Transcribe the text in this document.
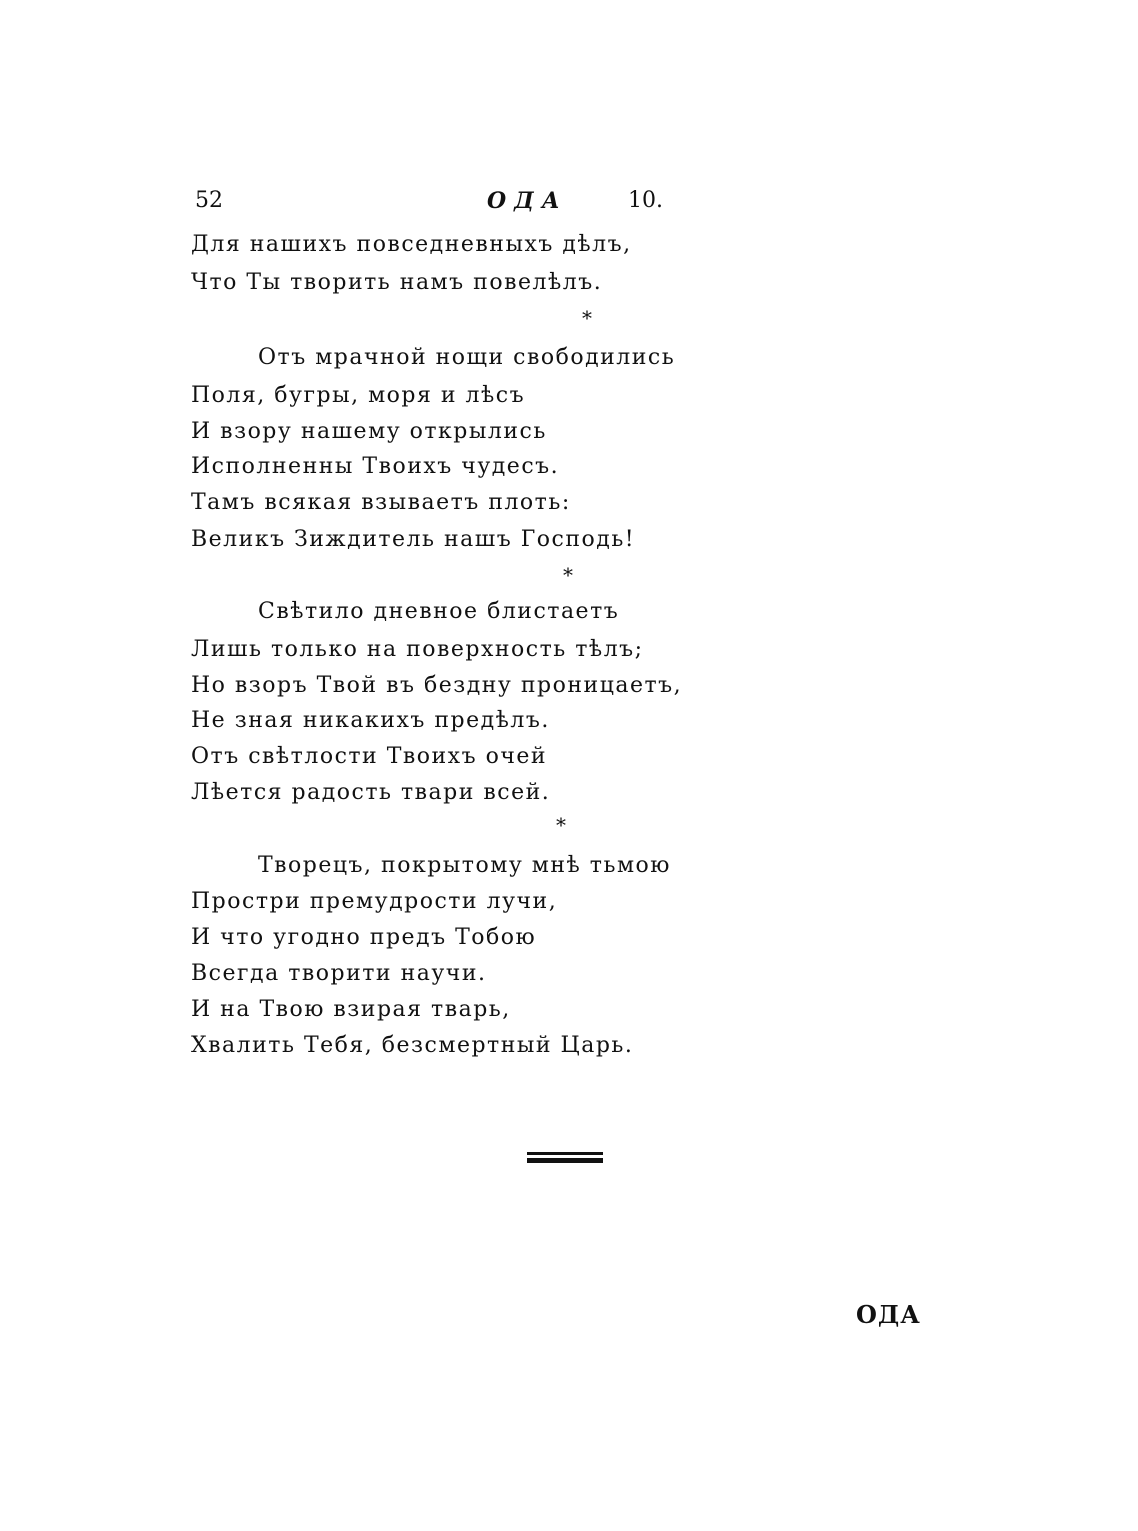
52	ОДА	10.
Для нашихъ повседневныхъ дѣлъ,
Что Ты творить намъ повелѣлъ.
*
Отъ мрачной нощи свободились
Поля, бугры, моря и лѣсъ
И взору нашему открылись
Исполненны Твоихъ чудесъ.
Тамъ всякая взываетъ плоть:
Великъ Зиждитель нашъ Господь!
*
Свѣтило дневное блистаетъ
Лишь только на поверхность тѣлъ;
Но взоръ Твой въ бездну проницаетъ,
Не зная никакихъ предѣлъ.
Отъ свѣтлости Твоихъ очей
Лѣется радость твари всей.
*
Творецъ, покрытому мнѣ тьмою
Простри премудрости лучи,
И что угодно предъ Тобою
Всегда творити научи.
И на Твою взирая тварь,
Хвалить Тебя, безсмертный Царь.
ОДА
